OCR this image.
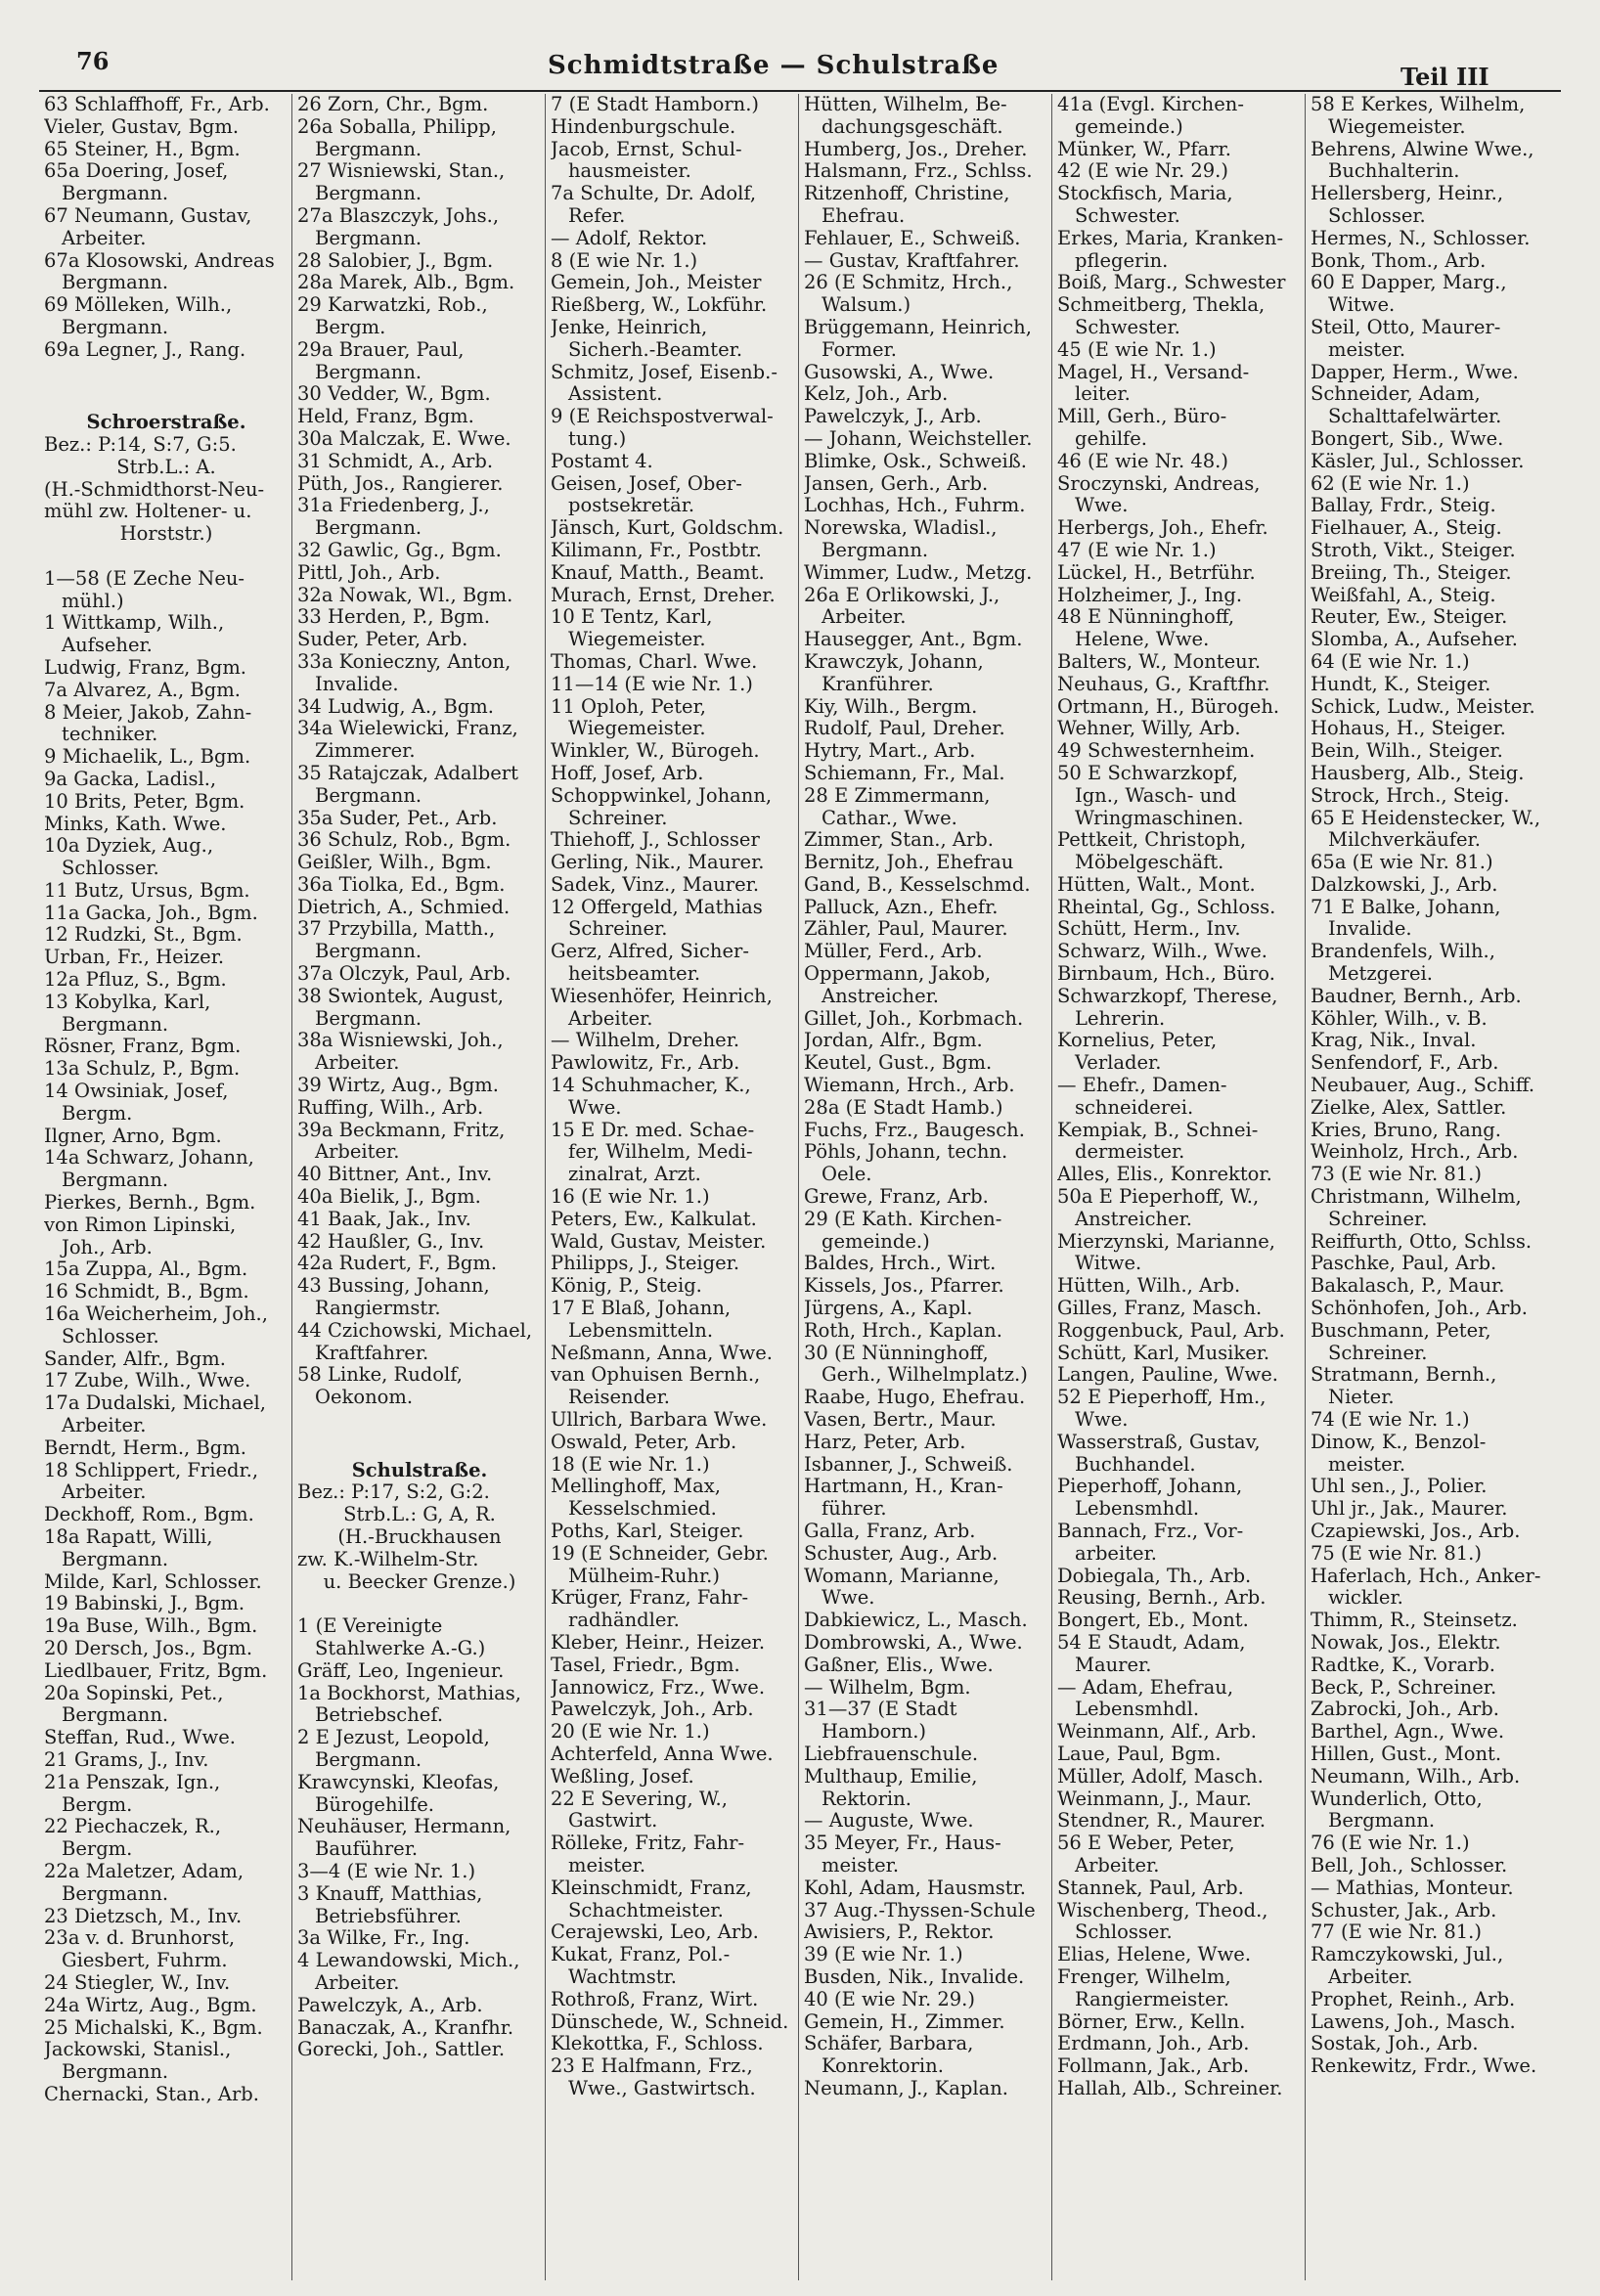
76	Schmidtstraße — Schulstraße	Teil III
63 Schlaffhoff, Fr., Arb.
Vieler, Gustav, Bgm.
65 Steiner, H., Bgm.
65a Doering, Josef,
Bergmann.
67 Neumann, Gustav,
Arbeiter.
67a Klosowski, Andreas
Bergmann.
69 Mölleken, Wilh.,
Bergmann.
69a Legner, J., Rang.
Schroerstraße.
Bez.: P:14, S:7, G:5.
Strb.L.: A.
(H.-Schmidthorst-Neu-
mühl zw. Holtener- u.
Horststr.)
1—58 (E Zeche Neu-
mühl.)
1 Wittkamp, Wilh.,
Aufseher.
Ludwig, Franz, Bgm.
7a Alvarez, A., Bgm.
8 Meier, Jakob, Zahn-
techniker.
9 Michaelik, L., Bgm.
9a Gacka, Ladisl.,
10 Brits, Peter, Bgm.
Minks, Kath. Wwe.
10a Dyziek, Aug.,
Schlosser.
11 Butz, Ursus, Bgm.
11a Gacka, Joh., Bgm.
12 Rudzki, St., Bgm.
Urban, Fr., Heizer.
12a Pfluz, S., Bgm.
13 Kobylka, Karl,
Bergmann.
Rösner, Franz, Bgm.
13a Schulz, P., Bgm.
14 Owsiniak, Josef,
Bergm.
Ilgner, Arno, Bgm.
14a Schwarz, Johann,
Bergmann.
Pierkes, Bernh., Bgm.
von Rimon Lipinski,
Joh., Arb.
15a Zuppa, Al., Bgm.
16 Schmidt, B., Bgm.
16a Weicherheim, Joh.,
Schlosser.
Sander, Alfr., Bgm.
17 Zube, Wilh., Wwe.
17a Dudalski, Michael,
Arbeiter.
Berndt, Herm., Bgm.
18 Schlippert, Friedr.,
Arbeiter.
Deckhoff, Rom., Bgm.
18a Rapatt, Willi,
Bergmann.
Milde, Karl, Schlosser.
19 Babinski, J., Bgm.
19a Buse, Wilh., Bgm.
20 Dersch, Jos., Bgm.
Liedlbauer, Fritz, Bgm.
20a Sopinski, Pet.,
Bergmann.
Steffan, Rud., Wwe.
21 Grams, J., Inv.
21a Penszak, Ign.,
Bergm.
22 Piechaczek, R.,
Bergm.
22a Maletzer, Adam,
Bergmann.
23 Dietzsch, M., Inv.
23a v. d. Brunhorst,
Giesbert, Fuhrm.
24 Stiegler, W., Inv.
24a Wirtz, Aug., Bgm.
25 Michalski, K., Bgm.
Jackowski, Stanisl.,
Bergmann.
Chernacki, Stan., Arb.
26 Zorn, Chr., Bgm.
26a Soballa, Philipp,
Bergmann.
27 Wisniewski, Stan.,
Bergmann.
27a Blaszczyk, Johs.,
Bergmann.
28 Salobier, J., Bgm.
28a Marek, Alb., Bgm.
29 Karwatzki, Rob.,
Bergm.
29a Brauer, Paul,
Bergmann.
30 Vedder, W., Bgm.
Held, Franz, Bgm.
30a Malczak, E. Wwe.
31 Schmidt, A., Arb.
Püth, Jos., Rangierer.
31a Friedenberg, J.,
Bergmann.
32 Gawlic, Gg., Bgm.
Pittl, Joh., Arb.
32a Nowak, Wl., Bgm.
33 Herden, P., Bgm.
Suder, Peter, Arb.
33a Konieczny, Anton,
Invalide.
34 Ludwig, A., Bgm.
34a Wielewicki, Franz,
Zimmerer.
35 Ratajczak, Adalbert
Bergmann.
35a Suder, Pet., Arb.
36 Schulz, Rob., Bgm.
Geißler, Wilh., Bgm.
36a Tiolka, Ed., Bgm.
Dietrich, A., Schmied.
37 Przybilla, Matth.,
Bergmann.
37a Olczyk, Paul, Arb.
38 Swiontek, August,
Bergmann.
38a Wisniewski, Joh.,
Arbeiter.
39 Wirtz, Aug., Bgm.
Ruffing, Wilh., Arb.
39a Beckmann, Fritz,
Arbeiter.
40 Bittner, Ant., Inv.
40a Bielik, J., Bgm.
41 Baak, Jak., Inv.
42 Haußler, G., Inv.
42a Rudert, F., Bgm.
43 Bussing, Johann,
Rangiermstr.
44 Czichowski, Michael,
Kraftfahrer.
58 Linke, Rudolf,
Oekonom.
Schulstraße.
Bez.: P:17, S:2, G:2.
Strb.L.: G, A, R.
(H.-Bruckhausen
zw. K.-Wilhelm-Str.
u. Beecker Grenze.)
1 (E Vereinigte
Stahlwerke A.-G.)
Gräff, Leo, Ingenieur.
1a Bockhorst, Mathias,
Betriebschef.
2 E Jezust, Leopold,
Bergmann.
Krawcynski, Kleofas,
Bürogehilfe.
Neuhäuser, Hermann,
Bauführer.
3—4 (E wie Nr. 1.)
3 Knauff, Matthias,
Betriebsführer.
3a Wilke, Fr., Ing.
4 Lewandowski, Mich.,
Arbeiter.
Pawelczyk, A., Arb.
Banaczak, A., Kranfhr.
Gorecki, Joh., Sattler.
7 (E Stadt Hamborn.)
Hindenburgschule.
Jacob, Ernst, Schul-
hausmeister.
7a Schulte, Dr. Adolf,
Refer.
— Adolf, Rektor.
8 (E wie Nr. 1.)
Gemein, Joh., Meister
Rießberg, W., Lokführ.
Jenke, Heinrich,
Sicherh.-Beamter.
Schmitz, Josef, Eisenb.-
Assistent.
9 (E Reichspostverwal-
tung.)
Postamt 4.
Geisen, Josef, Ober-
postsekretär.
Jänsch, Kurt, Goldschm.
Kilimann, Fr., Postbtr.
Knauf, Matth., Beamt.
Murach, Ernst, Dreher.
10 E Tentz, Karl,
Wiegemeister.
Thomas, Charl. Wwe.
11—14 (E wie Nr. 1.)
11 Oploh, Peter,
Wiegemeister.
Winkler, W., Bürogeh.
Hoff, Josef, Arb.
Schoppwinkel, Johann,
Schreiner.
Thiehoff, J., Schlosser
Gerling, Nik., Maurer.
Sadek, Vinz., Maurer.
12 Offergeld, Mathias
Schreiner.
Gerz, Alfred, Sicher-
heitsbeamter.
Wiesenhöfer, Heinrich,
Arbeiter.
— Wilhelm, Dreher.
Pawlowitz, Fr., Arb.
14 Schuhmacher, K.,
Wwe.
15 E Dr. med. Schae-
fer, Wilhelm, Medi-
zinalrat, Arzt.
16 (E wie Nr. 1.)
Peters, Ew., Kalkulat.
Wald, Gustav, Meister.
Philipps, J., Steiger.
König, P., Steig.
17 E Blaß, Johann,
Lebensmitteln.
Neßmann, Anna, Wwe.
van Ophuisen Bernh.,
Reisender.
Ullrich, Barbara Wwe.
Oswald, Peter, Arb.
18 (E wie Nr. 1.)
Mellinghoff, Max,
Kesselschmied.
Poths, Karl, Steiger.
19 (E Schneider, Gebr.
Mülheim-Ruhr.)
Krüger, Franz, Fahr-
radhändler.
Kleber, Heinr., Heizer.
Tasel, Friedr., Bgm.
Jannowicz, Frz., Wwe.
Pawelczyk, Joh., Arb.
20 (E wie Nr. 1.)
Achterfeld, Anna Wwe.
Weßling, Josef.
22 E Severing, W.,
Gastwirt.
Rölleke, Fritz, Fahr-
meister.
Kleinschmidt, Franz,
Schachtmeister.
Cerajewski, Leo, Arb.
Kukat, Franz, Pol.-
Wachtmstr.
Rothroß, Franz, Wirt.
Dünschede, W., Schneid.
Klekottka, F., Schloss.
23 E Halfmann, Frz.,
Wwe., Gastwirtsch.
Hütten, Wilhelm, Be-
dachungsgeschäft.
Humberg, Jos., Dreher.
Halsmann, Frz., Schlss.
Ritzenhoff, Christine,
Ehefrau.
Fehlauer, E., Schweiß.
— Gustav, Kraftfahrer.
26 (E Schmitz, Hrch.,
Walsum.)
Brüggemann, Heinrich,
Former.
Gusowski, A., Wwe.
Kelz, Joh., Arb.
Pawelczyk, J., Arb.
— Johann, Weichsteller.
Blimke, Osk., Schweiß.
Jansen, Gerh., Arb.
Lochhas, Hch., Fuhrm.
Norewska, Wladisl.,
Bergmann.
Wimmer, Ludw., Metzg.
26a E Orlikowski, J.,
Arbeiter.
Hausegger, Ant., Bgm.
Krawczyk, Johann,
Kranführer.
Kiy, Wilh., Bergm.
Rudolf, Paul, Dreher.
Hytry, Mart., Arb.
Schiemann, Fr., Mal.
28 E Zimmermann,
Cathar., Wwe.
Zimmer, Stan., Arb.
Bernitz, Joh., Ehefrau
Gand, B., Kesselschmd.
Palluck, Azn., Ehefr.
Zähler, Paul, Maurer.
Müller, Ferd., Arb.
Oppermann, Jakob,
Anstreicher.
Gillet, Joh., Korbmach.
Jordan, Alfr., Bgm.
Keutel, Gust., Bgm.
Wiemann, Hrch., Arb.
28a (E Stadt Hamb.)
Fuchs, Frz., Baugesch.
Pöhls, Johann, techn.
Oele.
Grewe, Franz, Arb.
29 (E Kath. Kirchen-
gemeinde.)
Baldes, Hrch., Wirt.
Kissels, Jos., Pfarrer.
Jürgens, A., Kapl.
Roth, Hrch., Kaplan.
30 (E Nünninghoff,
Gerh., Wilhelmplatz.)
Raabe, Hugo, Ehefrau.
Vasen, Bertr., Maur.
Harz, Peter, Arb.
Isbanner, J., Schweiß.
Hartmann, H., Kran-
führer.
Galla, Franz, Arb.
Schuster, Aug., Arb.
Womann, Marianne,
Wwe.
Dabkiewicz, L., Masch.
Dombrowski, A., Wwe.
Gaßner, Elis., Wwe.
— Wilhelm, Bgm.
31—37 (E Stadt
Hamborn.)
Liebfrauenschule.
Multhaup, Emilie,
Rektorin.
— Auguste, Wwe.
35 Meyer, Fr., Haus-
meister.
Kohl, Adam, Hausmstr.
37 Aug.-Thyssen-Schule
Awisiers, P., Rektor.
39 (E wie Nr. 1.)
Busden, Nik., Invalide.
40 (E wie Nr. 29.)
Gemein, H., Zimmer.
Schäfer, Barbara,
Konrektorin.
Neumann, J., Kaplan.
41a (Evgl. Kirchen-
gemeinde.)
Münker, W., Pfarr.
42 (E wie Nr. 29.)
Stockfisch, Maria,
Schwester.
Erkes, Maria, Kranken-
pflegerin.
Boiß, Marg., Schwester
Schmeitberg, Thekla,
Schwester.
45 (E wie Nr. 1.)
Magel, H., Versand-
leiter.
Mill, Gerh., Büro-
gehilfe.
46 (E wie Nr. 48.)
Sroczynski, Andreas,
Wwe.
Herbergs, Joh., Ehefr.
47 (E wie Nr. 1.)
Lückel, H., Betrführ.
Holzheimer, J., Ing.
48 E Nünninghoff,
Helene, Wwe.
Balters, W., Monteur.
Neuhaus, G., Kraftfhr.
Ortmann, H., Bürogeh.
Wehner, Willy, Arb.
49 Schwesternheim.
50 E Schwarzkopf,
Ign., Wasch- und
Wringmaschinen.
Pettkeit, Christoph,
Möbelgeschäft.
Hütten, Walt., Mont.
Rheintal, Gg., Schloss.
Schütt, Herm., Inv.
Schwarz, Wilh., Wwe.
Birnbaum, Hch., Büro.
Schwarzkopf, Therese,
Lehrerin.
Kornelius, Peter,
Verlader.
— Ehefr., Damen-
schneiderei.
Kempiak, B., Schnei-
dermeister.
Alles, Elis., Konrektor.
50a E Pieperhoff, W.,
Anstreicher.
Mierzynski, Marianne,
Witwe.
Hütten, Wilh., Arb.
Gilles, Franz, Masch.
Roggenbuck, Paul, Arb.
Schütt, Karl, Musiker.
Langen, Pauline, Wwe.
52 E Pieperhoff, Hm.,
Wwe.
Wasserstraß, Gustav,
Buchhandel.
Pieperhoff, Johann,
Lebensmhdl.
Bannach, Frz., Vor-
arbeiter.
Dobiegala, Th., Arb.
Reusing, Bernh., Arb.
Bongert, Eb., Mont.
54 E Staudt, Adam,
Maurer.
— Adam, Ehefrau,
Lebensmhdl.
Weinmann, Alf., Arb.
Laue, Paul, Bgm.
Müller, Adolf, Masch.
Weinmann, J., Maur.
Stendner, R., Maurer.
56 E Weber, Peter,
Arbeiter.
Stannek, Paul, Arb.
Wischenberg, Theod.,
Schlosser.
Elias, Helene, Wwe.
Frenger, Wilhelm,
Rangiermeister.
Börner, Erw., Kelln.
Erdmann, Joh., Arb.
Follmann, Jak., Arb.
Hallah, Alb., Schreiner.
58 E Kerkes, Wilhelm,
Wiegemeister.
Behrens, Alwine Wwe.,
Buchhalterin.
Hellersberg, Heinr.,
Schlosser.
Hermes, N., Schlosser.
Bonk, Thom., Arb.
60 E Dapper, Marg.,
Witwe.
Steil, Otto, Maurer-
meister.
Dapper, Herm., Wwe.
Schneider, Adam,
Schalttafelwärter.
Bongert, Sib., Wwe.
Käsler, Jul., Schlosser.
62 (E wie Nr. 1.)
Ballay, Frdr., Steig.
Fielhauer, A., Steig.
Stroth, Vikt., Steiger.
Breiing, Th., Steiger.
Weißfahl, A., Steig.
Reuter, Ew., Steiger.
Slomba, A., Aufseher.
64 (E wie Nr. 1.)
Hundt, K., Steiger.
Schick, Ludw., Meister.
Hohaus, H., Steiger.
Bein, Wilh., Steiger.
Hausberg, Alb., Steig.
Strock, Hrch., Steig.
65 E Heidenstecker, W.,
Milchverkäufer.
65a (E wie Nr. 81.)
Dalzkowski, J., Arb.
71 E Balke, Johann,
Invalide.
Brandenfels, Wilh.,
Metzgerei.
Baudner, Bernh., Arb.
Köhler, Wilh., v. B.
Krag, Nik., Inval.
Senfendorf, F., Arb.
Neubauer, Aug., Schiff.
Zielke, Alex, Sattler.
Kries, Bruno, Rang.
Weinholz, Hrch., Arb.
73 (E wie Nr. 81.)
Christmann, Wilhelm,
Schreiner.
Reiffurth, Otto, Schlss.
Paschke, Paul, Arb.
Bakalasch, P., Maur.
Schönhofen, Joh., Arb.
Buschmann, Peter,
Schreiner.
Stratmann, Bernh.,
Nieter.
74 (E wie Nr. 1.)
Dinow, K., Benzol-
meister.
Uhl sen., J., Polier.
Uhl jr., Jak., Maurer.
Czapiewski, Jos., Arb.
75 (E wie Nr. 81.)
Haferlach, Hch., Anker-
wickler.
Thimm, R., Steinsetz.
Nowak, Jos., Elektr.
Radtke, K., Vorarb.
Beck, P., Schreiner.
Zabrocki, Joh., Arb.
Barthel, Agn., Wwe.
Hillen, Gust., Mont.
Neumann, Wilh., Arb.
Wunderlich, Otto,
Bergmann.
76 (E wie Nr. 1.)
Bell, Joh., Schlosser.
— Mathias, Monteur.
Schuster, Jak., Arb.
77 (E wie Nr. 81.)
Ramczykowski, Jul.,
Arbeiter.
Prophet, Reinh., Arb.
Lawens, Joh., Masch.
Sostak, Joh., Arb.
Renkewitz, Frdr., Wwe.
